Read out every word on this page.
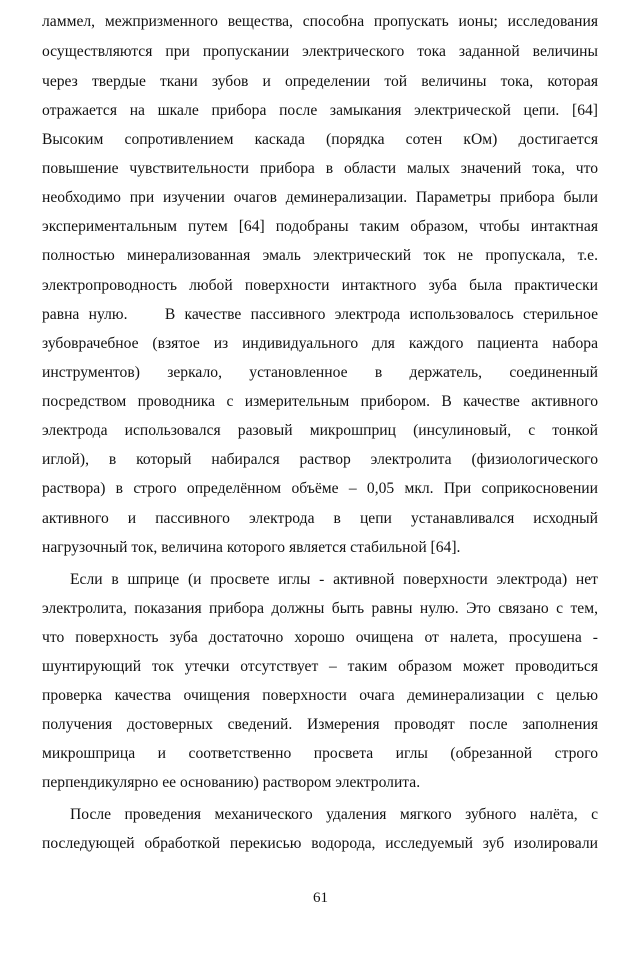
ламмел, межпризменного вещества, способна пропускать ионы; исследования
осуществляются при пропускании электрического тока заданной величины
через твердые ткани зубов и определении той величины тока, которая
отражается на шкале прибора после замыкания электрической цепи. [64]
Высоким сопротивлением каскада (порядка сотен кОм) достигается
повышение чувствительности прибора в области малых значений тока, что
необходимо при изучении очагов деминерализации. Параметры прибора были
экспериментальным путем [64] подобраны таким образом, чтобы интактная
полностью минерализованная эмаль электрический ток не пропускала, т.е.
электропроводность любой поверхности интактного зуба была практически
равна нулю.    В качестве пассивного электрода использовалось стерильное
зубоврачебное (взятое из индивидуального для каждого пациента набора
инструментов) зеркало, установленное в держатель, соединенный
посредством проводника с измерительным прибором. В качестве активного
электрода использовался разовый микрошприц (инсулиновый, с тонкой
иглой), в который набирался раствор электролита (физиологического
раствора) в строго определённом объёме – 0,05 мкл. При соприкосновении
активного и пассивного электрода в цепи устанавливался исходный
нагрузочный ток, величина которого является стабильной [64].
Если в шприце (и просвете иглы - активной поверхности электрода) нет
электролита, показания прибора должны быть равны нулю. Это связано с тем,
что поверхность зуба достаточно хорошо очищена от налета, просушена -
шунтирующий ток утечки отсутствует – таким образом может проводиться
проверка качества очищения поверхности очага деминерализации с целью
получения достоверных сведений. Измерения проводят после заполнения
микрошприца и соответственно просвета иглы (обрезанной строго
перпендикулярно ее основанию) раствором электролита.
После проведения механического удаления мягкого зубного налёта, с
последующей обработкой перекисью водорода, исследуемый зуб изолировали
61
